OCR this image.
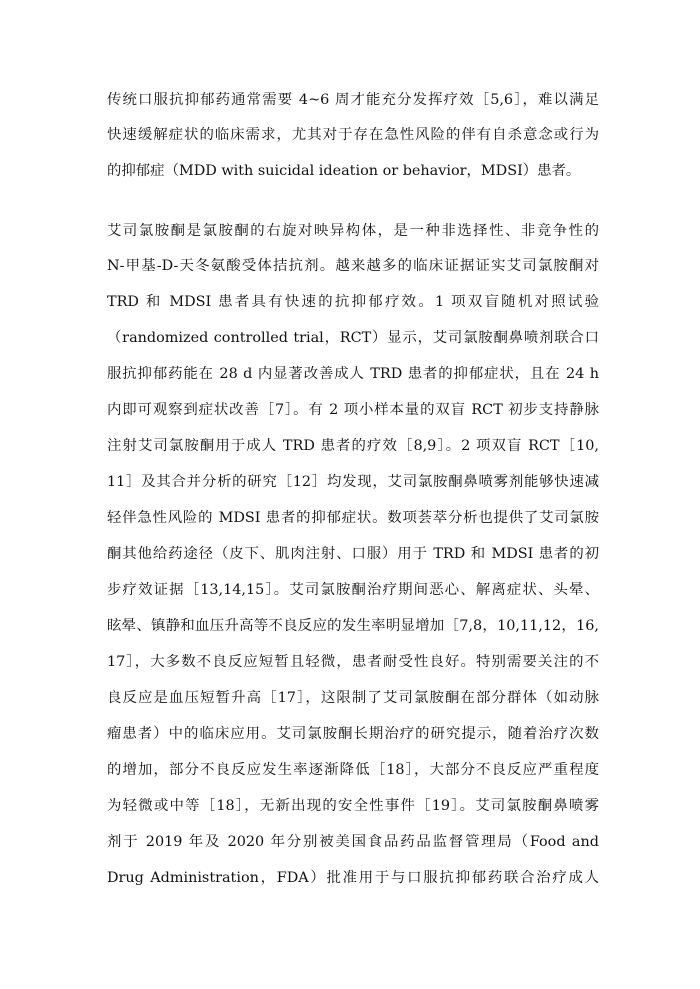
传统口服抗抑郁药通常需要 4~6 周才能充分发挥疗效［5,6］，难以满足
快速缓解症状的临床需求，尤其对于存在急性风险的伴有自杀意念或行为
的抑郁症（MDD with suicidal ideation or behavior，MDSI）患者。
艾司氯胺酮是氯胺酮的右旋对映异构体，是一种非选择性、非竞争性的
N-甲基-D-天冬氨酸受体拮抗剂。越来越多的临床证据证实艾司氯胺酮对
TRD 和 MDSI 患者具有快速的抗抑郁疗效。1 项双盲随机对照试验
（randomized controlled trial，RCT）显示，艾司氯胺酮鼻喷剂联合口
服抗抑郁药能在 28 d 内显著改善成人 TRD 患者的抑郁症状，且在 24 h
内即可观察到症状改善［7］。有 2 项小样本量的双盲 RCT 初步支持静脉
注射艾司氯胺酮用于成人 TRD 患者的疗效［8,9］。2 项双盲 RCT［10,
11］及其合并分析的研究［12］均发现，艾司氯胺酮鼻喷雾剂能够快速减
轻伴急性风险的 MDSI 患者的抑郁症状。数项荟萃分析也提供了艾司氯胺
酮其他给药途径（皮下、肌肉注射、口服）用于 TRD 和 MDSI 患者的初
步疗效证据［13,14,15］。艾司氯胺酮治疗期间恶心、解离症状、头晕、
眩晕、镇静和血压升高等不良反应的发生率明显增加［7,8，10,11,12，16,
17］，大多数不良反应短暂且轻微，患者耐受性良好。特别需要关注的不
良反应是血压短暂升高［17］，这限制了艾司氯胺酮在部分群体（如动脉
瘤患者）中的临床应用。艾司氯胺酮长期治疗的研究提示，随着治疗次数
的增加，部分不良反应发生率逐渐降低［18］，大部分不良反应严重程度
为轻微或中等［18］，无新出现的安全性事件［19］。艾司氯胺酮鼻喷雾
剂于 2019 年及 2020 年分别被美国食品药品监督管理局（Food and
Drug Administration，FDA）批准用于与口服抗抑郁药联合治疗成人
